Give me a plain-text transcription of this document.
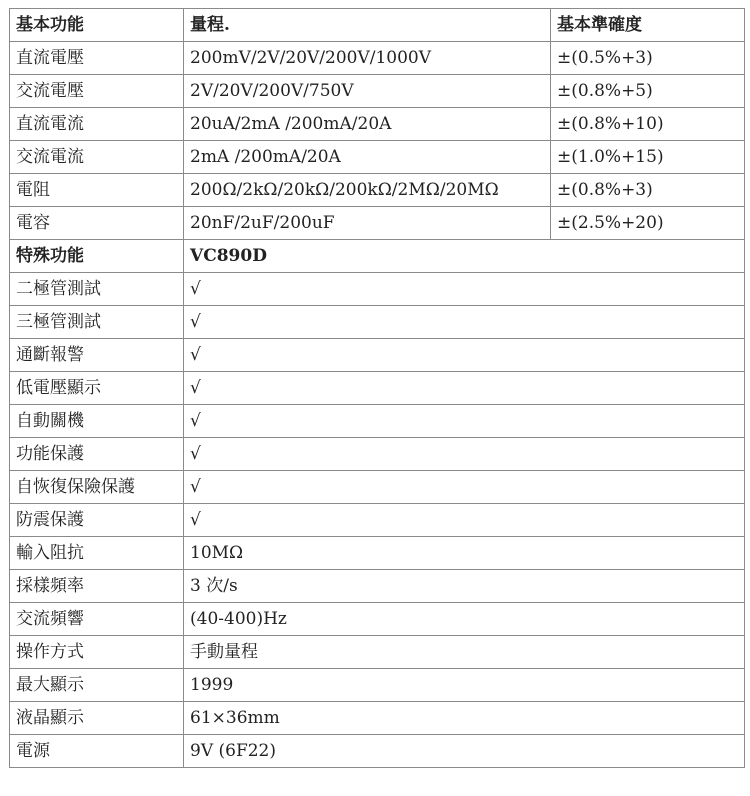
基本功能	量程.	基本準確度
直流電壓	200mV/2V/20V/200V/1000V	±(0.5%+3)
交流電壓	2V/20V/200V/750V	±(0.8%+5)
直流電流	20uA/2mA /200mA/20A	±(0.8%+10)
交流電流	2mA /200mA/20A	±(1.0%+15)
電阻	200Ω/2kΩ/20kΩ/200kΩ/2MΩ/20MΩ	±(0.8%+3)
電容	20nF/2uF/200uF	±(2.5%+20)
特殊功能	VC890D	
二極管測試	√	
三極管測試	√	
通斷報警	√	
低電壓顯示	√	
自動關機	√	
功能保護	√	
自恢復保險保護	√	
防震保護	√	
輸入阻抗	10MΩ	
採樣頻率	3 次/s	
交流頻響	(40-400)Hz	
操作方式	手動量程	
最大顯示	1999	
液晶顯示	61×36mm	
電源	9V (6F22)	
